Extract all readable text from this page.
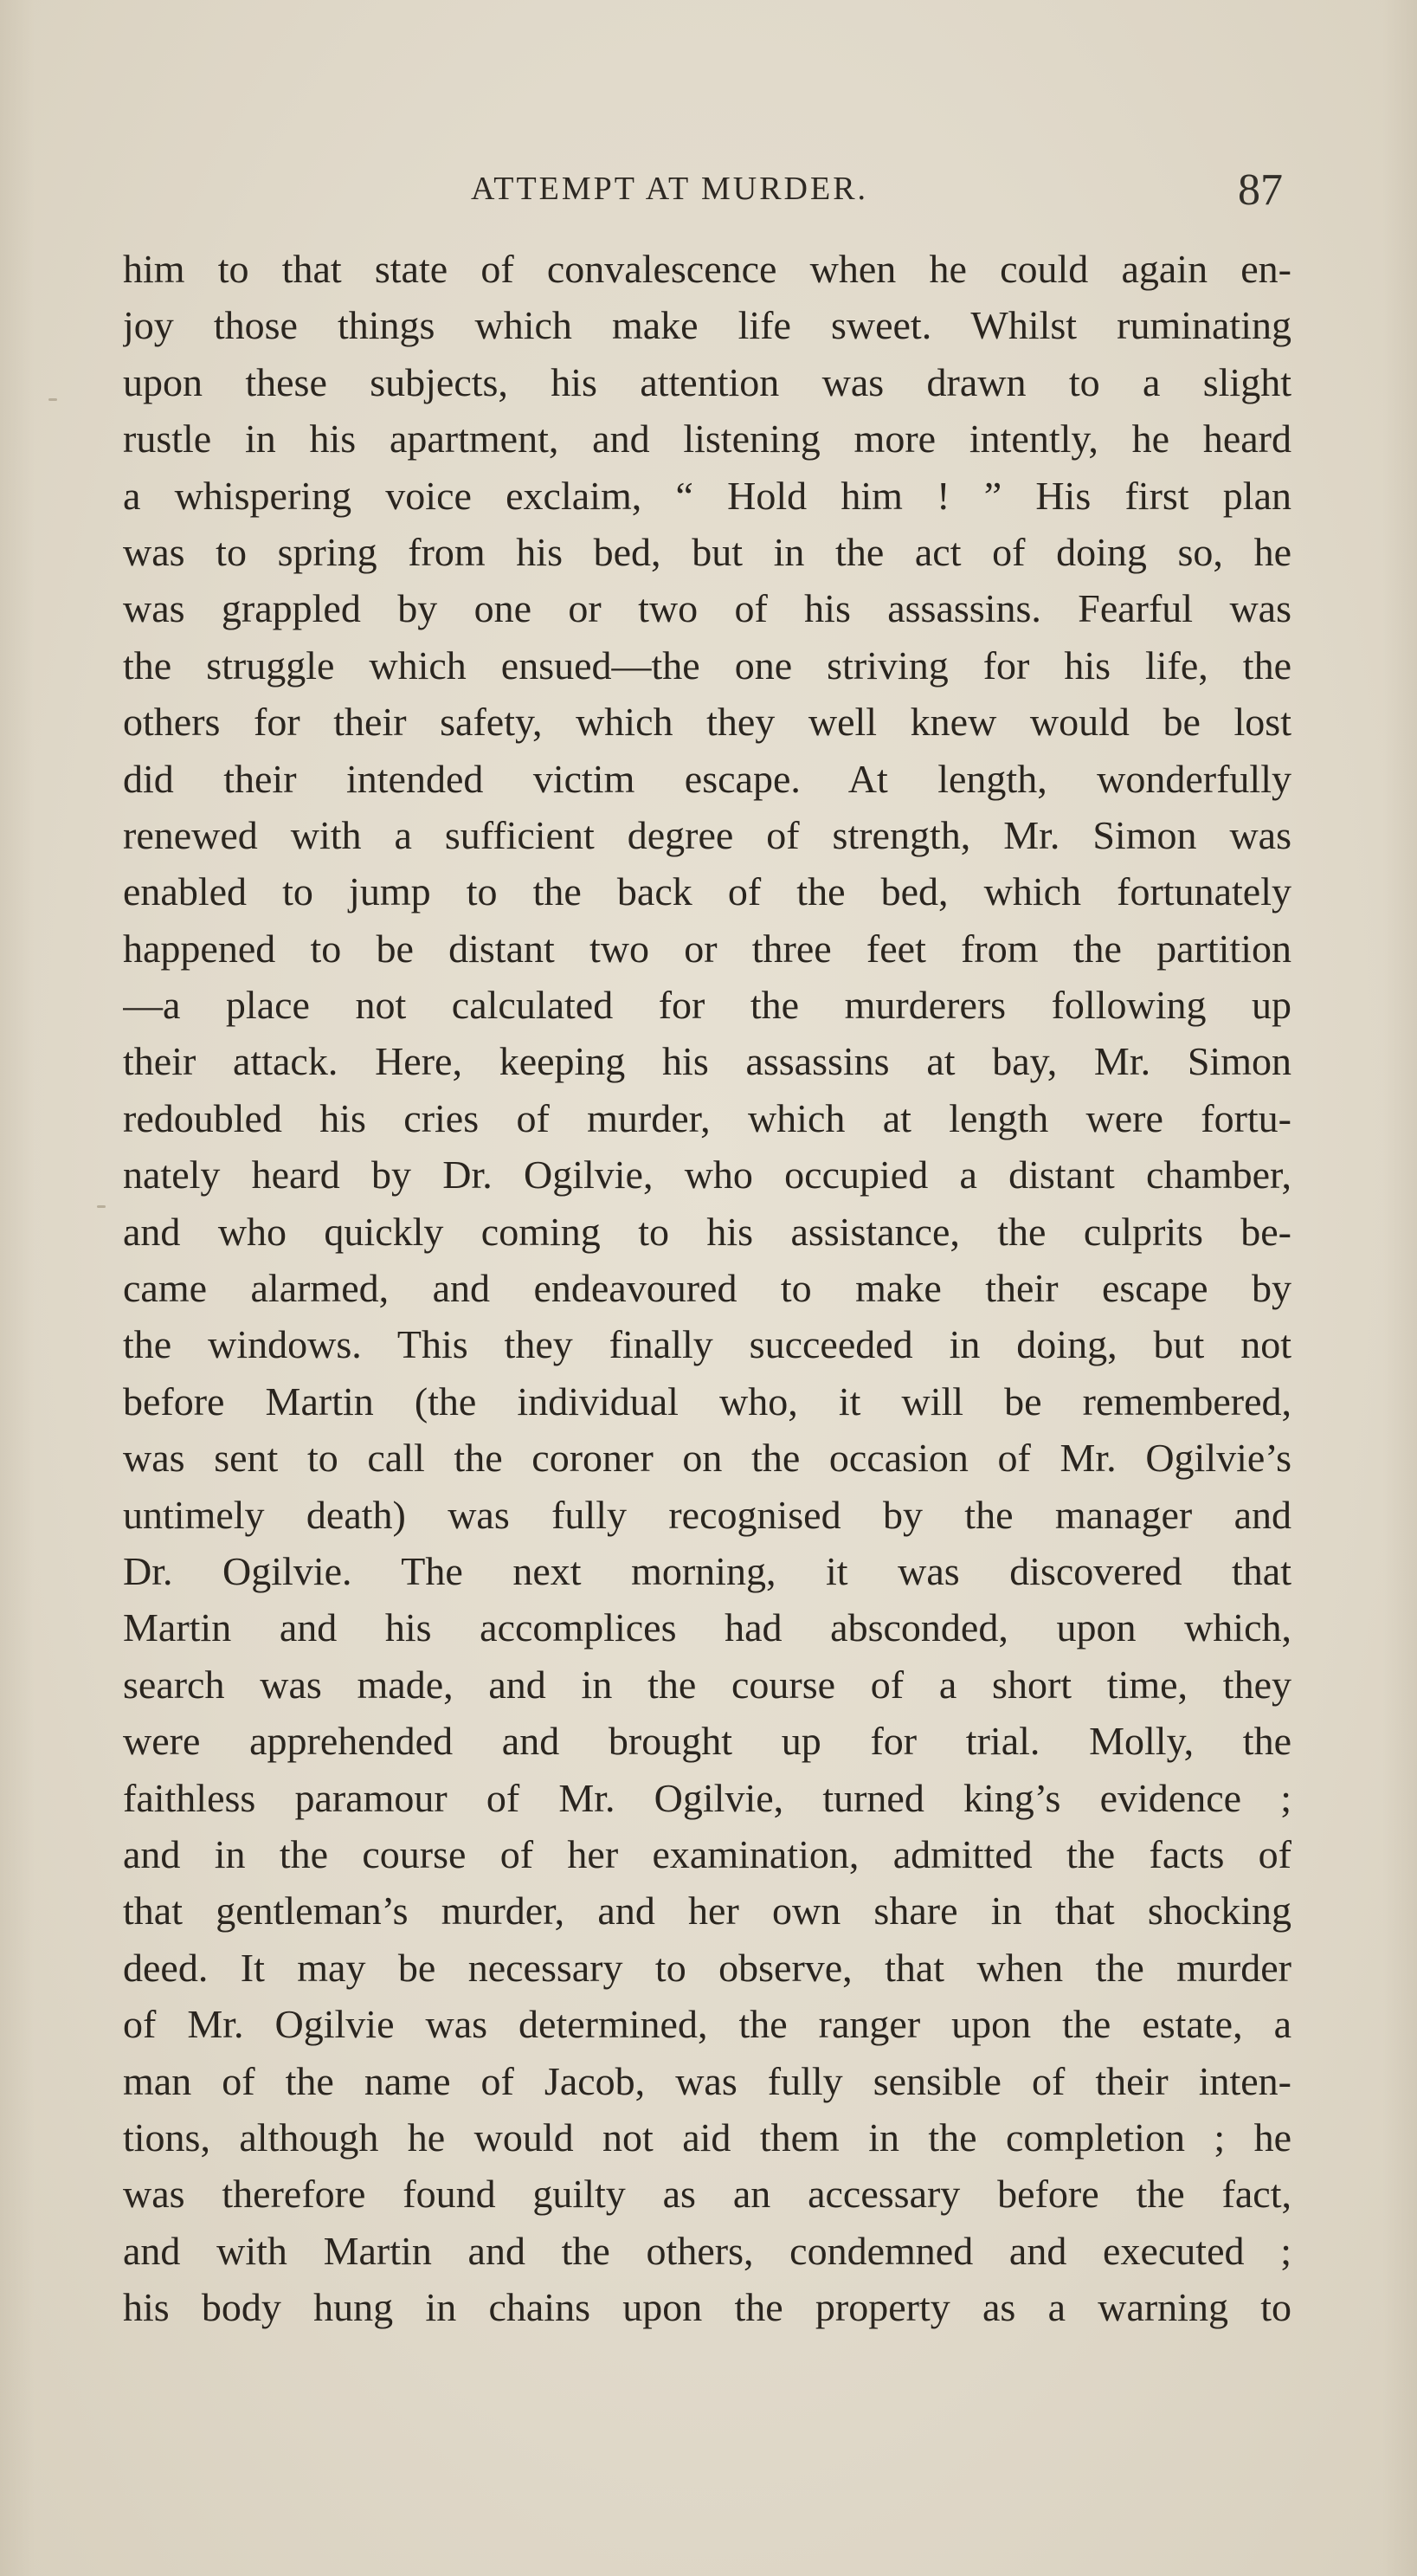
ATTEMPT AT MURDER.	87
him to that state of convalescence when he could again en-
joy those things which make life sweet. Whilst ruminating
upon these subjects, his attention was drawn to a slight
rustle in his apartment, and listening more intently, he heard
a whispering voice exclaim, “ Hold him ! ” His first plan
was to spring from his bed, but in the act of doing so, he
was grappled by one or two of his assassins. Fearful was
the struggle which ensued—the one striving for his life, the
others for their safety, which they well knew would be lost
did their intended victim escape. At length, wonderfully
renewed with a sufficient degree of strength, Mr. Simon was
enabled to jump to the back of the bed, which fortunately
happened to be distant two or three feet from the partition
—a place not calculated for the murderers following up
their attack. Here, keeping his assassins at bay, Mr. Simon
redoubled his cries of murder, which at length were fortu-
nately heard by Dr. Ogilvie, who occupied a distant chamber,
and who quickly coming to his assistance, the culprits be-
came alarmed, and endeavoured to make their escape by
the windows. This they finally succeeded in doing, but not
before Martin (the individual who, it will be remembered,
was sent to call the coroner on the occasion of Mr. Ogilvie’s
untimely death) was fully recognised by the manager and
Dr. Ogilvie. The next morning, it was discovered that
Martin and his accomplices had absconded, upon which,
search was made, and in the course of a short time, they
were apprehended and brought up for trial. Molly, the
faithless paramour of Mr. Ogilvie, turned king’s evidence ;
and in the course of her examination, admitted the facts of
that gentleman’s murder, and her own share in that shocking
deed. It may be necessary to observe, that when the murder
of Mr. Ogilvie was determined, the ranger upon the estate, a
man of the name of Jacob, was fully sensible of their inten-
tions, although he would not aid them in the completion ; he
was therefore found guilty as an accessary before the fact,
and with Martin and the others, condemned and executed ;
his body hung in chains upon the property as a warning to
